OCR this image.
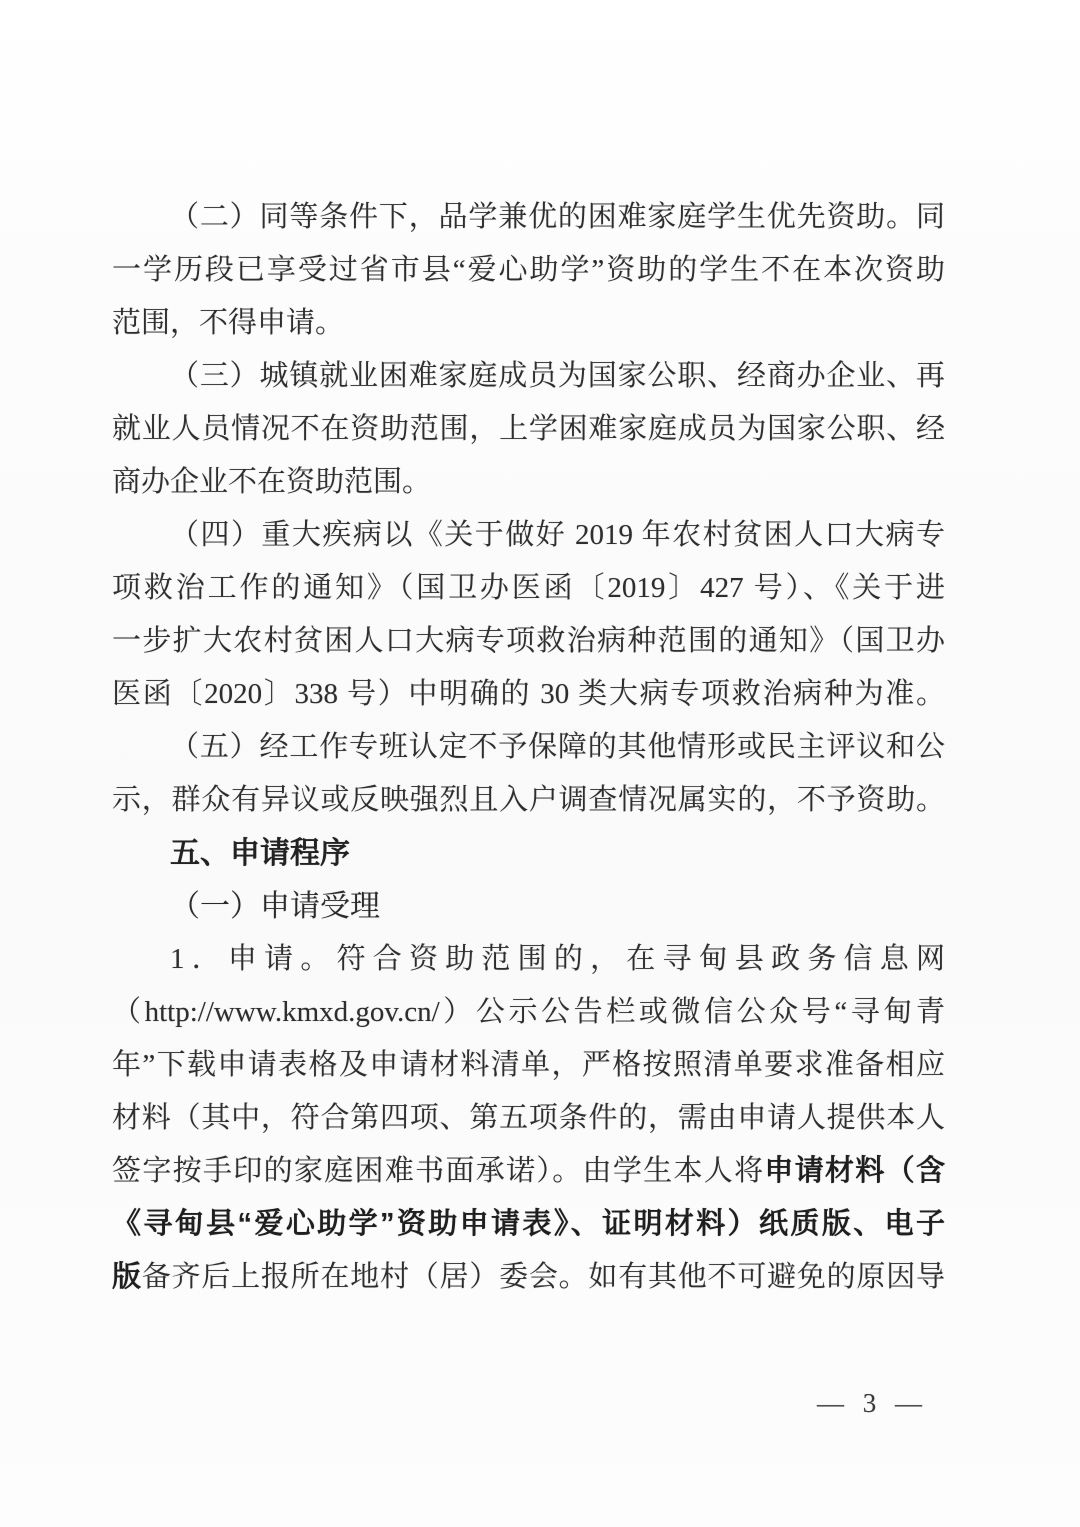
（二）同等条件下，品学兼优的困难家庭学生优先资助。同
一学历段已享受过省市县“爱心助学”资助的学生不在本次资助
范围，不得申请。
（三）城镇就业困难家庭成员为国家公职、经商办企业、再
就业人员情况不在资助范围，上学困难家庭成员为国家公职、经
商办企业不在资助范围。
（四）重大疾病以《关于做好 2019 年农村贫困人口大病专
项救治工作的通知》（国卫办医函〔2019〕427 号）、《关于进
一步扩大农村贫困人口大病专项救治病种范围的通知》（国卫办
医函〔2020〕338 号）中明确的 30 类大病专项救治病种为准。
（五）经工作专班认定不予保障的其他情形或民主评议和公
示，群众有异议或反映强烈且入户调查情况属实的，不予资助。
五、申请程序
（一）申请受理
1．申请。符合资助范围的，在寻甸县政务信息网
（http://www.kmxd.gov.cn/）公示公告栏或微信公众号“寻甸青
年”下载申请表格及申请材料清单，严格按照清单要求准备相应
材料（其中，符合第四项、第五项条件的，需由申请人提供本人
签字按手印的家庭困难书面承诺）。由学生本人将申请材料（含
《寻甸县“爱心助学”资助申请表》、证明材料）纸质版、电子
版备齐后上报所在地村（居）委会。如有其他不可避免的原因导
— 3 —
